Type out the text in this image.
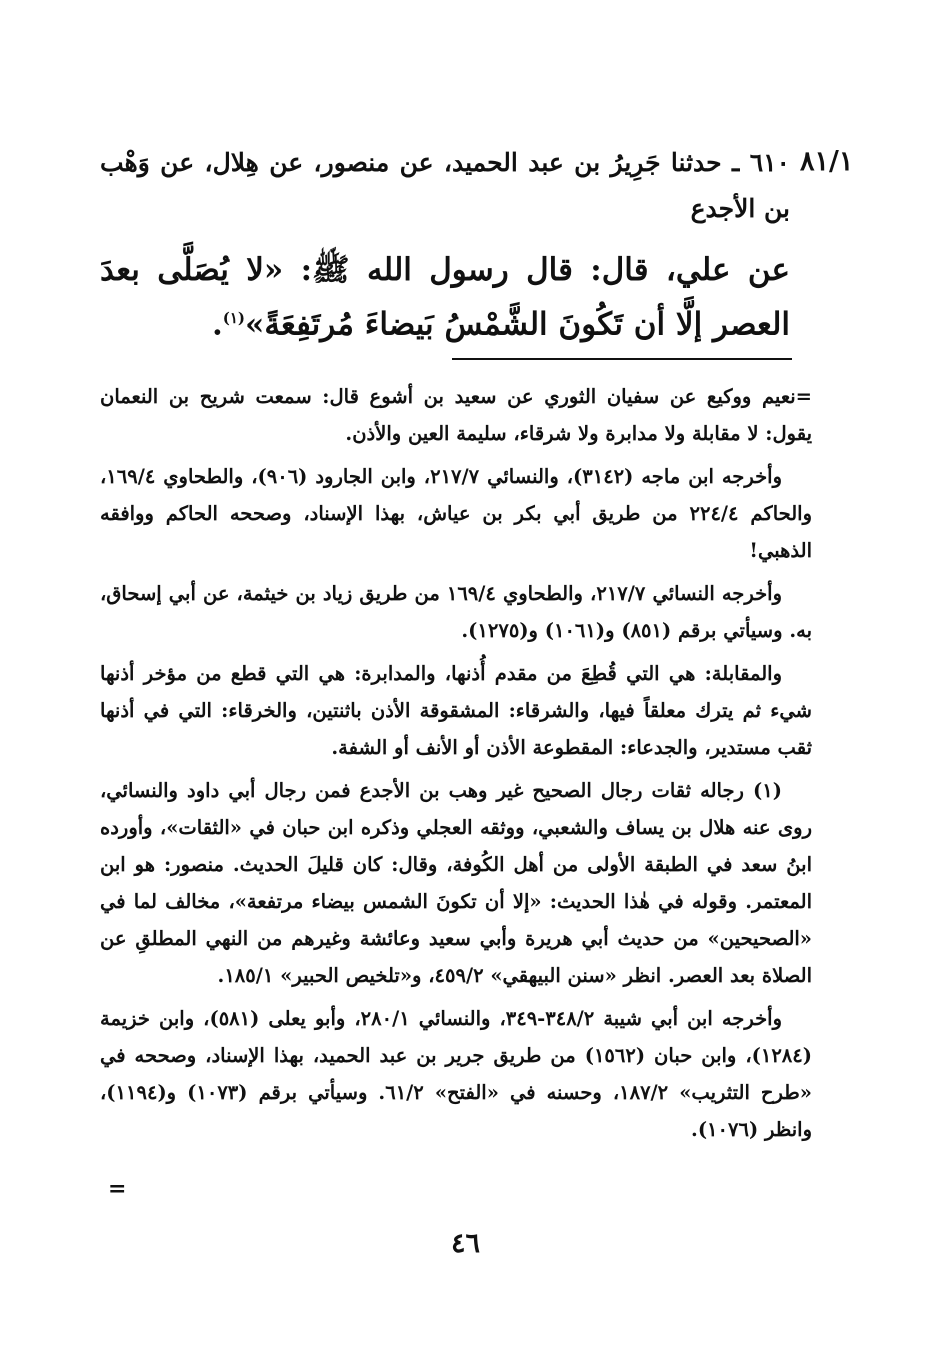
٨١/١
٦١٠ ـ حدثنا جَرِيرُ بن عبد الحميد، عن منصور، عن هِلال، عن وَهْب بن الأجدع
عن علي، قال: قال رسول الله ﷺ: «لا يُصَلَّى بعدَ العصر إلَّا أن تَكُونَ الشَّمْسُ بَيضاءَ مُرتَفِعَةً»$^{(١)}$.

=نعيم ووكيع عن سفيان الثوري عن سعيد بن أشوع قال: سمعت شريح بن النعمان يقول: لا مقابلة ولا مدابرة ولا شرقاء، سليمة العين والأذن.

وأخرجه ابن ماجه (٣١٤٢)، والنسائي ٢١٧/٧، وابن الجارود (٩٠٦)، والطحاوي ١٦٩/٤، والحاكم ٢٢٤/٤ من طريق أبي بكر بن عياش، بهذا الإسناد، وصححه الحاكم ووافقه الذهبي!

وأخرجه النسائي ٢١٧/٧، والطحاوي ١٦٩/٤ من طريق زياد بن خيثمة، عن أبي إسحاق، به. وسيأتي برقم (٨٥١) و(١٠٦١) و(١٢٧٥).

والمقابلة: هي التي قُطِعَ من مقدم أُذنها، والمدابرة: هي التي قطع من مؤخر أذنها شيء ثم يترك معلقاً فيها، والشرقاء: المشقوقة الأذن باثنتين، والخرقاء: التي في أذنها ثقب مستدير، والجدعاء: المقطوعة الأذن أو الأنف أو الشفة.

(١) رجاله ثقات رجال الصحيح غير وهب بن الأجدع فمن رجال أبي داود والنسائي، روى عنه هلال بن يساف والشعبي، ووثقه العجلي وذكره ابن حبان في «الثقات»، وأورده ابنُ سعد في الطبقة الأولى من أهل الكُوفة، وقال: كان قليلَ الحديث. منصور: هو ابن المعتمر. وقوله في هٰذا الحديث: «إلا أن تكونَ الشمس بيضاء مرتفعة»، مخالف لما في «الصحيحين» من حديث أبي هريرة وأبي سعيد وعائشة وغيرهم من النهي المطلقِ عن الصلاة بعد العصر. انظر «سنن البيهقي» ٤٥٩/٢، و«تلخيص الحبير» ١٨٥/١.

وأخرجه ابن أبي شيبة ٣٤٨/٢-٣٤٩، والنسائي ٢٨٠/١، وأبو يعلى (٥٨١)، وابن خزيمة (١٢٨٤)، وابن حبان (١٥٦٢) من طريق جرير بن عبد الحميد، بهذا الإسناد، وصححه في «طرح التثريب» ١٨٧/٢، وحسنه في «الفتح» ٦١/٢. وسيأتي برقم (١٠٧٣) و(١١٩٤)، وانظر (١٠٧٦).

=
٤٦
